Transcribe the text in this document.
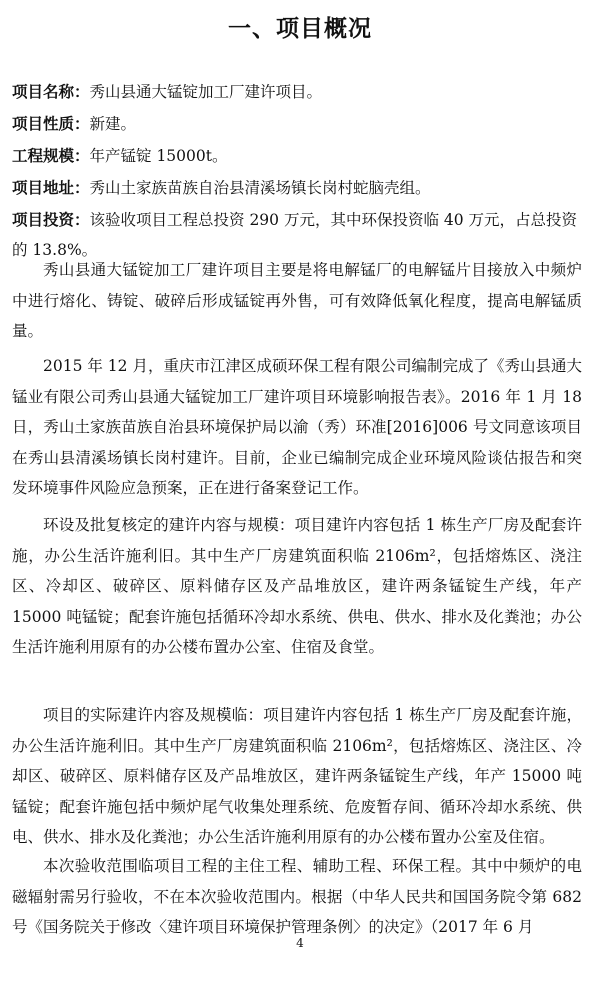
一、项目概况
项目名称：秀山县通大锰锭加工厂建许项目。
项目性质：新建。
工程规模：年产锰锭 15000t。
项目地址：秀山土家族苗族自治县清溪场镇长岗村蛇脑壳组。
项目投资：该验收项目工程总投资 290 万元，其中环保投资临 40 万元，占总投资的 13.8%。

秀山县通大锰锭加工厂建许项目主要是将电解锰厂的电解锰片目接放入中频炉中进行熔化、铸锭、破碎后形成锰锭再外售，可有效降低氧化程度，提高电解锰质量。

2015 年 12 月，重庆市江津区成硕环保工程有限公司编制完成了《秀山县通大锰业有限公司秀山县通大锰锭加工厂建许项目环境影响报告表》。2016 年 1 月 18 日，秀山土家族苗族自治县环境保护局以渝（秀）环准[2016]006 号文同意该项目在秀山县清溪场镇长岗村建许。目前，企业已编制完成企业环境风险谈估报告和突发环境事件风险应急预案，正在进行备案登记工作。

环设及批复核定的建许内容与规模：项目建许内容包括 1 栋生产厂房及配套许施，办公生活许施利旧。其中生产厂房建筑面积临 2106m²，包括熔炼区、浇注区、冷却区、破碎区、原料储存区及产品堆放区，建许两条锰锭生产线，年产 15000 吨锰锭；配套许施包括循环冷却水系统、供电、供水、排水及化粪池；办公生活许施利用原有的办公楼布置办公室、住宿及食堂。

项目的实际建许内容及规模临：项目建许内容包括 1 栋生产厂房及配套许施，办公生活许施利旧。其中生产厂房建筑面积临 2106m²，包括熔炼区、浇注区、冷却区、破碎区、原料储存区及产品堆放区，建许两条锰锭生产线，年产 15000 吨锰锭；配套许施包括中频炉尾气收集处理系统、危废暂存间、循环冷却水系统、供电、供水、排水及化粪池；办公生活许施利用原有的办公楼布置办公室及住宿。

本次验收范围临项目工程的主住工程、辅助工程、环保工程。其中中频炉的电磁辐射需另行验收，不在本次验收范围内。根据（中华人民共和国国务院令第 682 号《国务院关于修改〈建许项目环境保护管理条例〉的决定》（2017 年 6 月

4
